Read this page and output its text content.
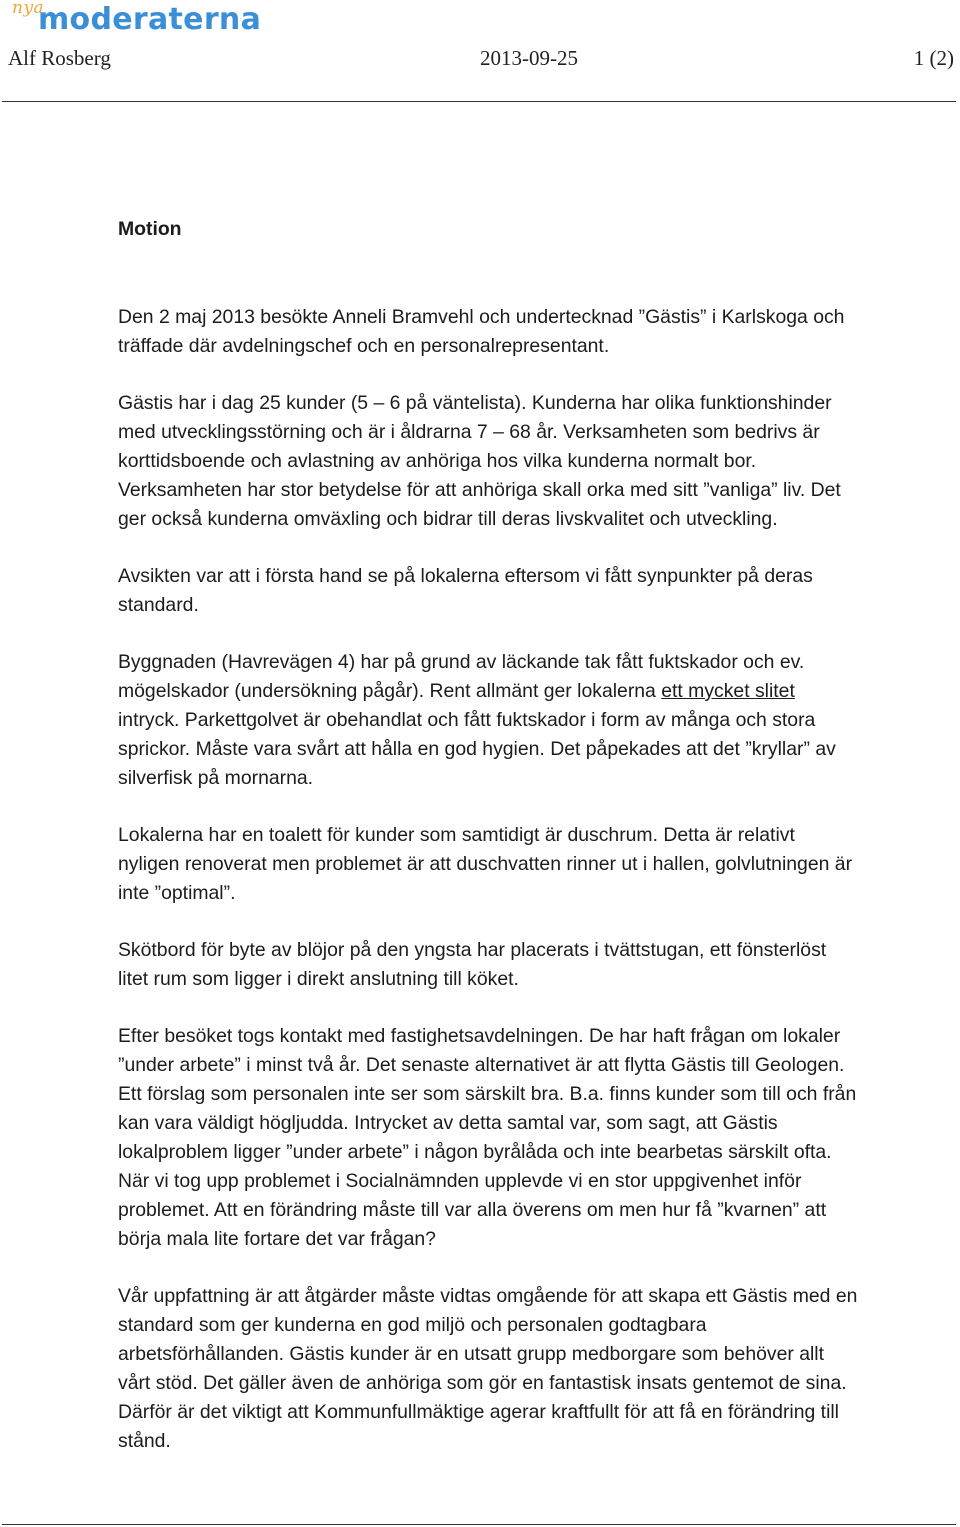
nya
moderaterna
Alf Rosberg	2013-09-25	1 (2)
Motion

Den 2 maj 2013 besökte Anneli Bramvehl och undertecknad ”Gästis” i Karlskoga och
träffade där avdelningschef och en personalrepresentant.

Gästis har i dag 25 kunder (5 – 6 på väntelista). Kunderna har olika funktionshinder
med utvecklingsstörning och är i åldrarna 7 – 68 år. Verksamheten som bedrivs är
korttidsboende och avlastning av anhöriga hos vilka kunderna normalt bor.
Verksamheten har stor betydelse för att anhöriga skall orka med sitt ”vanliga” liv. Det
ger också kunderna omväxling och bidrar till deras livskvalitet och utveckling.

Avsikten var att i första hand se på lokalerna eftersom vi fått synpunkter på deras
standard.

Byggnaden (Havrevägen 4) har på grund av läckande tak fått fuktskador och ev.
mögelskador (undersökning pågår). Rent allmänt ger lokalerna ett mycket slitet
intryck. Parkettgolvet är obehandlat och fått fuktskador i form av många och stora
sprickor. Måste vara svårt att hålla en god hygien. Det påpekades att det ”kryllar” av
silverfisk på mornarna.

Lokalerna har en toalett för kunder som samtidigt är duschrum. Detta är relativt
nyligen renoverat men problemet är att duschvatten rinner ut i hallen, golvlutningen är
inte ”optimal”.

Skötbord för byte av blöjor på den yngsta har placerats i tvättstugan, ett fönsterlöst
litet rum som ligger i direkt anslutning till köket.

Efter besöket togs kontakt med fastighetsavdelningen. De har haft frågan om lokaler
”under arbete” i minst två år. Det senaste alternativet är att flytta Gästis till Geologen.
Ett förslag som personalen inte ser som särskilt bra. B.a. finns kunder som till och från
kan vara väldigt högljudda. Intrycket av detta samtal var, som sagt, att Gästis
lokalproblem ligger ”under arbete” i någon byrålåda och inte bearbetas särskilt ofta.
När vi tog upp problemet i Socialnämnden upplevde vi en stor uppgivenhet inför
problemet. Att en förändring måste till var alla överens om men hur få ”kvarnen” att
börja mala lite fortare det var frågan?

Vår uppfattning är att åtgärder måste vidtas omgående för att skapa ett Gästis med en
standard som ger kunderna en god miljö och personalen godtagbara
arbetsförhållanden. Gästis kunder är en utsatt grupp medborgare som behöver allt
vårt stöd. Det gäller även de anhöriga som gör en fantastisk insats gentemot de sina.
Därför är det viktigt att Kommunfullmäktige agerar kraftfullt för att få en förändring till
stånd.
